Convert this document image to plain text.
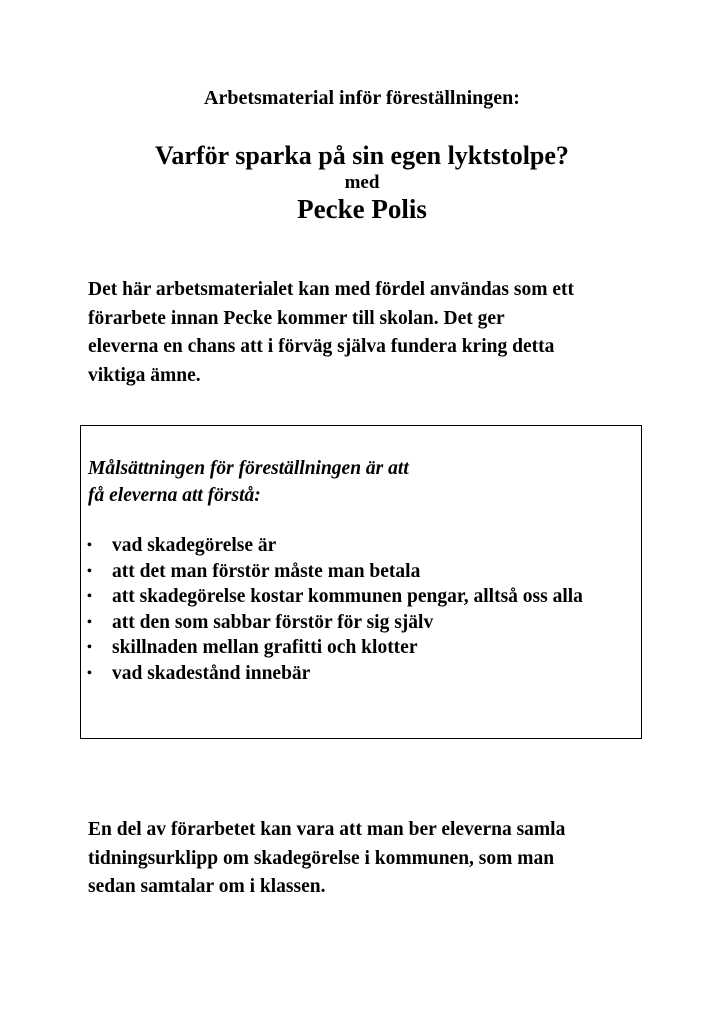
Arbetsmaterial inför föreställningen:
Varför sparka på sin egen lyktstolpe?
med
Pecke Polis

Det här arbetsmaterialet kan med fördel användas som ett
förarbete innan Pecke kommer till skolan. Det ger
eleverna en chans att i förväg själva fundera kring detta
viktiga ämne.

Målsättningen för föreställningen är att
få eleverna att förstå:

• vad skadegörelse är
• att det man förstör måste man betala
• att skadegörelse kostar kommunen pengar, alltså oss alla
• att den som sabbar förstör för sig själv
• skillnaden mellan grafitti och klotter
• vad skadestånd innebär

En del av förarbetet kan vara att man ber eleverna samla
tidningsurklipp om skadegörelse i kommunen, som man
sedan samtalar om i klassen.
